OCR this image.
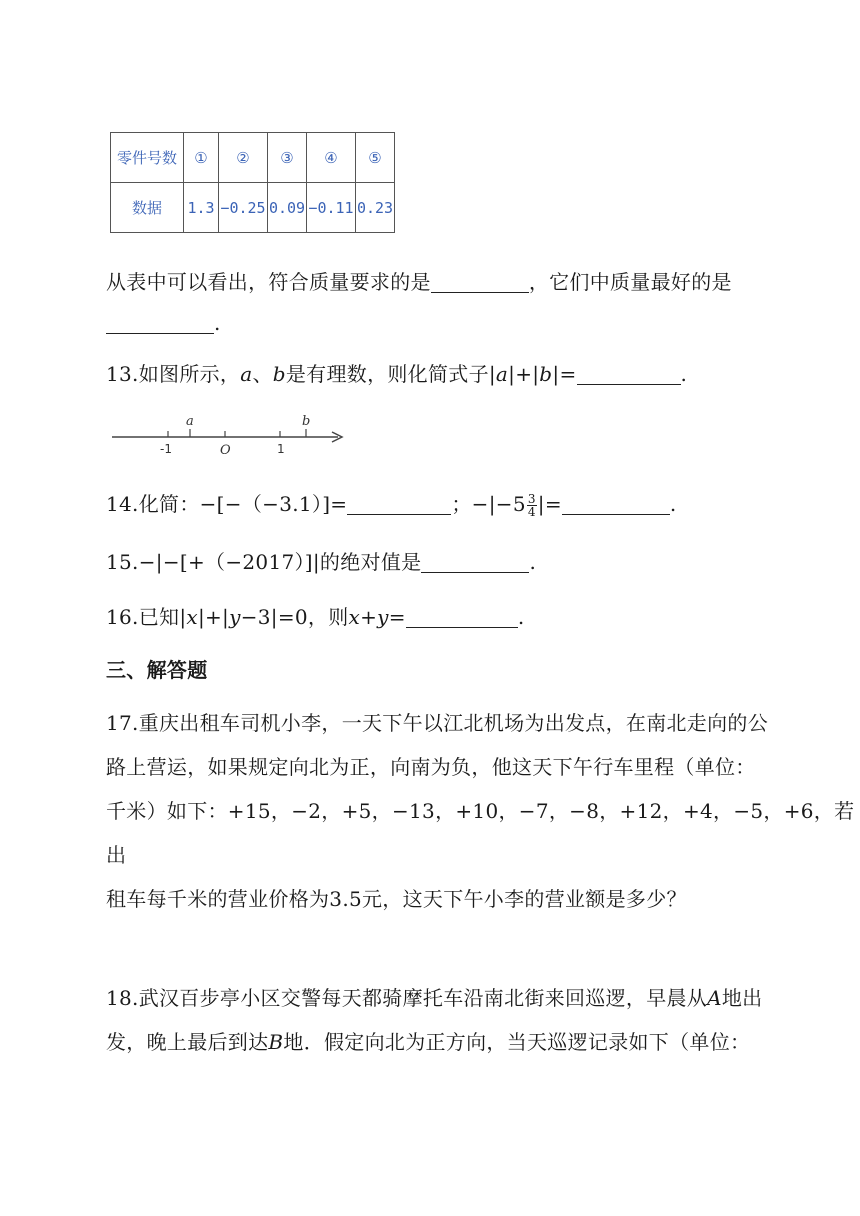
零件号数	①	②	③	④	⑤
数据	1.3	−0.25	0.09	−0.11	0.23
从表中可以看出，符合质量要求的是	，它们中质量最好的是
.
13.如图所示，a、b是有理数，则化简式子|a|+|b|=	.
a	b
-1	O	1
14.化简：−[−（−3.1）]=	；$-|-5 \frac{3}{4}$ |=	.
15.−|−[+（−2017）]|的绝对值是	.
16.已知|x|+|y−3|=0，则x+y=	.
三、解答题
17.重庆出租车司机小李，一天下午以江北机场为出发点，在南北走向的公
路上营运，如果规定向北为正，向南为负，他这天下午行车里程（单位：
千米）如下：+15，−2，+5，−13，+10，−7，−8，+12，+4，−5，+6，若出
租车每千米的营业价格为3.5元，这天下午小李的营业额是多少？
18.武汉百步亭小区交警每天都骑摩托车沿南北街来回巡逻，早晨从A地出
发，晚上最后到达B地．假定向北为正方向，当天巡逻记录如下（单位：
